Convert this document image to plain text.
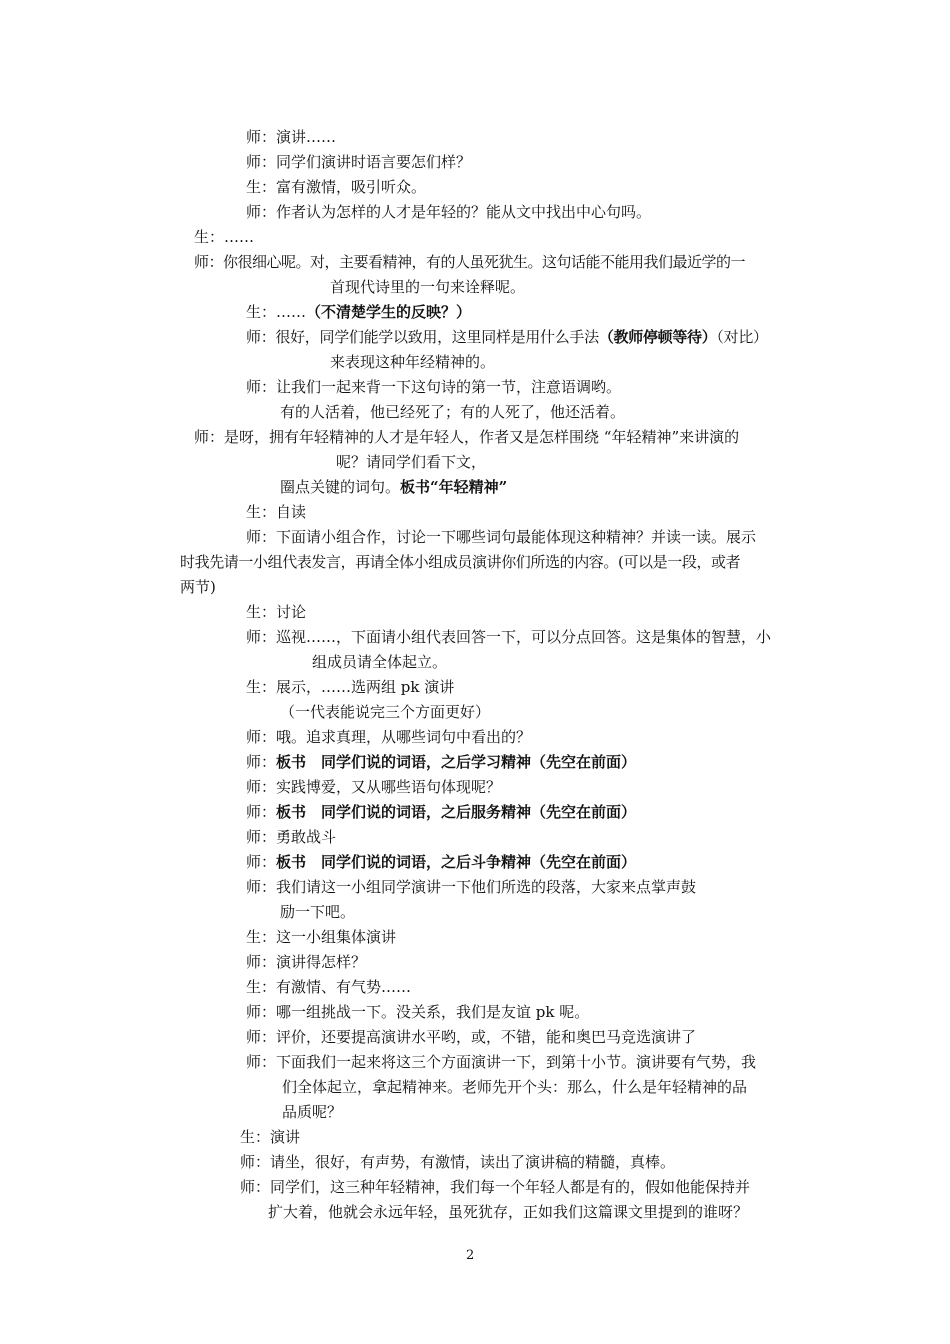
师：演讲……
师：同学们演讲时语言要怎们样？
生：富有激情，吸引听众。
师：作者认为怎样的人才是年轻的？能从文中找出中心句吗。
生：……
师：你很细心呢。对，主要看精神，有的人虽死犹生。这句话能不能用我们最近学的一
首现代诗里的一句来诠释呢。
生：……（不清楚学生的反映？）
师：很好，同学们能学以致用，这里同样是用什么手法（教师停顿等待）（对比）
来表现这种年经精神的。
师：让我们一起来背一下这句诗的第一节，注意语调哟。
有的人活着，他已经死了；有的人死了，他还活着。
师：是呀，拥有年轻精神的人才是年轻人，作者又是怎样围绕 “年轻精神”来讲演的
呢？请同学们看下文，
圈点关键的词句。板书“年轻精神”
生：自读
师：下面请小组合作，讨论一下哪些词句最能体现这种精神？并读一读。展示
时我先请一小组代表发言，再请全体小组成员演讲你们所选的内容。(可以是一段，或者
两节)
生：讨论
师：巡视……，下面请小组代表回答一下，可以分点回答。这是集体的智慧，小
组成员请全体起立。
生：展示，……选两组 pk 演讲
（一代表能说完三个方面更好）
师：哦。追求真理，从哪些词句中看出的？
师：板书　同学们说的词语，之后学习精神（先空在前面）
师：实践博爱，又从哪些语句体现呢？
师：板书　同学们说的词语，之后服务精神（先空在前面）
师：勇敢战斗
师：板书　同学们说的词语，之后斗争精神（先空在前面）
师：我们请这一小组同学演讲一下他们所选的段落，大家来点掌声鼓
励一下吧。
生：这一小组集体演讲
师：演讲得怎样？
生：有激情、有气势……
师：哪一组挑战一下。没关系，我们是友谊 pk 呢。
师：评价，还要提高演讲水平哟，或，不错，能和奥巴马竞选演讲了
师：下面我们一起来将这三个方面演讲一下，到第十小节。演讲要有气势，我
们全体起立，拿起精神来。老师先开个头：那么，什么是年轻精神的品
品质呢？
生：演讲
师：请坐，很好，有声势，有激情，读出了演讲稿的精髓，真棒。
师：同学们，这三种年轻精神，我们每一个年轻人都是有的，假如他能保持并
扩大着，他就会永远年轻，虽死犹存，正如我们这篇课文里提到的谁呀？
2
